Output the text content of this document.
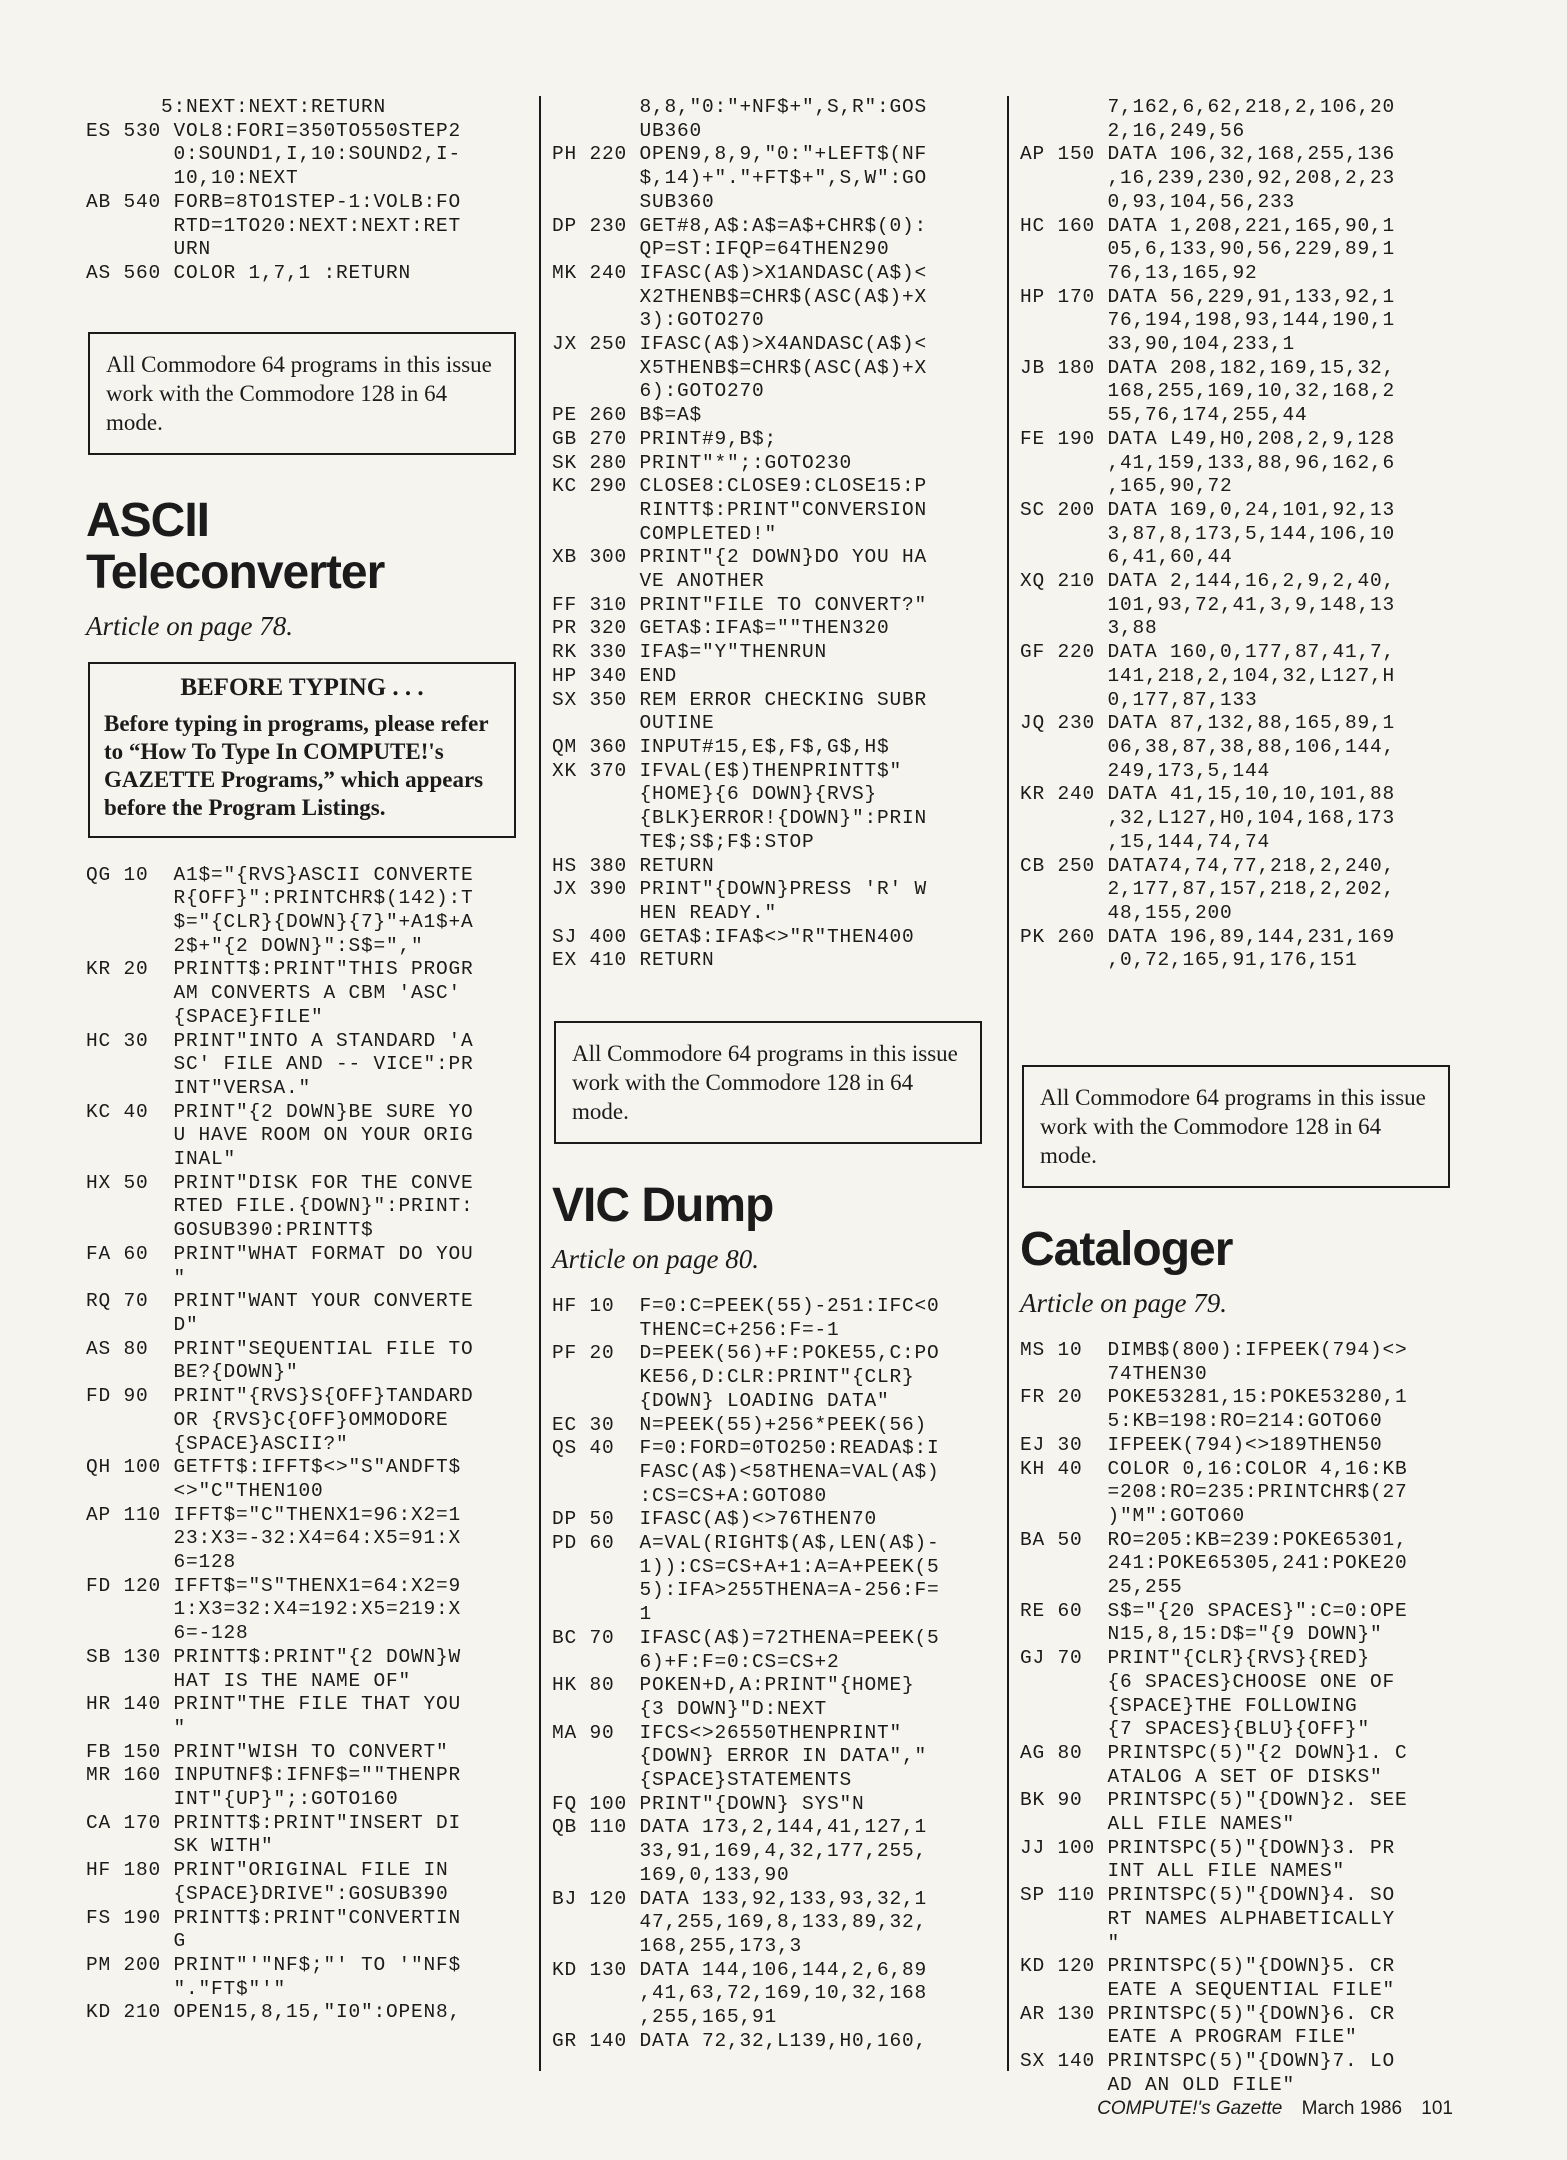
5:NEXT:NEXT:RETURN
ES 530 VOL8:FORI=350TO550STEP2
0:SOUND1,I,10:SOUND2,I-
10,10:NEXT
AB 540 FORB=8TO1STEP-1:VOLB:FO
RTD=1TO20:NEXT:NEXT:RET
URN
AS 560 COLOR 1,7,1 :RETURN
All Commodore 64 programs in this issue work with the Commodore 128 in 64 mode.
ASCII
Teleconverter
Article on page 78.
BEFORE TYPING . . .
Before typing in programs, please refer to “How To Type In COMPUTE!'s GAZETTE Programs,” which appears before the Program Listings.
QG 10  A1$="{RVS}ASCII CONVERTE
R{OFF}":PRINTCHR$(142):T
$="{CLR}{DOWN}{7}"+A1$+A
2$+"{2 DOWN}":S$=","
KR 20  PRINTT$:PRINT"THIS PROGR
AM CONVERTS A CBM 'ASC'
{SPACE}FILE"
HC 30  PRINT"INTO A STANDARD 'A
SC' FILE AND -- VICE":PR
INT"VERSA."
KC 40  PRINT"{2 DOWN}BE SURE YO
U HAVE ROOM ON YOUR ORIG
INAL"
HX 50  PRINT"DISK FOR THE CONVE
RTED FILE.{DOWN}":PRINT:
GOSUB390:PRINTT$
FA 60  PRINT"WHAT FORMAT DO YOU
"
RQ 70  PRINT"WANT YOUR CONVERTE
D"
AS 80  PRINT"SEQUENTIAL FILE TO
BE?{DOWN}"
FD 90  PRINT"{RVS}S{OFF}TANDARD
OR {RVS}C{OFF}OMMODORE
{SPACE}ASCII?"
QH 100 GETFT$:IFFT$<>"S"ANDFT$
<>"C"THEN100
AP 110 IFFT$="C"THENX1=96:X2=1
23:X3=-32:X4=64:X5=91:X
6=128
FD 120 IFFT$="S"THENX1=64:X2=9
1:X3=32:X4=192:X5=219:X
6=-128
SB 130 PRINTT$:PRINT"{2 DOWN}W
HAT IS THE NAME OF"
HR 140 PRINT"THE FILE THAT YOU
"
FB 150 PRINT"WISH TO CONVERT"
MR 160 INPUTNF$:IFNF$=""THENPR
INT"{UP}";:GOTO160
CA 170 PRINTT$:PRINT"INSERT DI
SK WITH"
HF 180 PRINT"ORIGINAL FILE IN
{SPACE}DRIVE":GOSUB390
FS 190 PRINTT$:PRINT"CONVERTIN
G
PM 200 PRINT"'"NF$;"' TO '"NF$
"."FT$"'"
KD 210 OPEN15,8,15,"I0":OPEN8,
8,8,"0:"+NF$+",S,R":GOS
UB360
PH 220 OPEN9,8,9,"0:"+LEFT$(NF
$,14)+"."+FT$+",S,W":GO
SUB360
DP 230 GET#8,A$:A$=A$+CHR$(0):
QP=ST:IFQP=64THEN290
MK 240 IFASC(A$)>X1ANDASC(A$)<
X2THENB$=CHR$(ASC(A$)+X
3):GOTO270
JX 250 IFASC(A$)>X4ANDASC(A$)<
X5THENB$=CHR$(ASC(A$)+X
6):GOTO270
PE 260 B$=A$
GB 270 PRINT#9,B$;
SK 280 PRINT"*";:GOTO230
KC 290 CLOSE8:CLOSE9:CLOSE15:P
RINTT$:PRINT"CONVERSION
COMPLETED!"
XB 300 PRINT"{2 DOWN}DO YOU HA
VE ANOTHER
FF 310 PRINT"FILE TO CONVERT?"
PR 320 GETA$:IFA$=""THEN320
RK 330 IFA$="Y"THENRUN
HP 340 END
SX 350 REM ERROR CHECKING SUBR
OUTINE
QM 360 INPUT#15,E$,F$,G$,H$
XK 370 IFVAL(E$)THENPRINTT$"
{HOME}{6 DOWN}{RVS}
{BLK}ERROR!{DOWN}":PRIN
TE$;S$;F$:STOP
HS 380 RETURN
JX 390 PRINT"{DOWN}PRESS 'R' W
HEN READY."
SJ 400 GETA$:IFA$<>"R"THEN400
EX 410 RETURN
All Commodore 64 programs in this issue work with the Commodore 128 in 64 mode.
VIC Dump
Article on page 80.
HF 10  F=0:C=PEEK(55)-251:IFC<0
THENC=C+256:F=-1
PF 20  D=PEEK(56)+F:POKE55,C:PO
KE56,D:CLR:PRINT"{CLR}
{DOWN} LOADING DATA"
EC 30  N=PEEK(55)+256*PEEK(56)
QS 40  F=0:FORD=0TO250:READA$:I
FASC(A$)<58THENA=VAL(A$)
:CS=CS+A:GOTO80
DP 50  IFASC(A$)<>76THEN70
PD 60  A=VAL(RIGHT$(A$,LEN(A$)-
1)):CS=CS+A+1:A=A+PEEK(5
5):IFA>255THENA=A-256:F=
1
BC 70  IFASC(A$)=72THENA=PEEK(5
6)+F:F=0:CS=CS+2
HK 80  POKEN+D,A:PRINT"{HOME}
{3 DOWN}"D:NEXT
MA 90  IFCS<>26550THENPRINT"
{DOWN} ERROR IN DATA","
{SPACE}STATEMENTS
FQ 100 PRINT"{DOWN} SYS"N
QB 110 DATA 173,2,144,41,127,1
33,91,169,4,32,177,255,
169,0,133,90
BJ 120 DATA 133,92,133,93,32,1
47,255,169,8,133,89,32,
168,255,173,3
KD 130 DATA 144,106,144,2,6,89
,41,63,72,169,10,32,168
,255,165,91
GR 140 DATA 72,32,L139,H0,160,
7,162,6,62,218,2,106,20
2,16,249,56
AP 150 DATA 106,32,168,255,136
,16,239,230,92,208,2,23
0,93,104,56,233
HC 160 DATA 1,208,221,165,90,1
05,6,133,90,56,229,89,1
76,13,165,92
HP 170 DATA 56,229,91,133,92,1
76,194,198,93,144,190,1
33,90,104,233,1
JB 180 DATA 208,182,169,15,32,
168,255,169,10,32,168,2
55,76,174,255,44
FE 190 DATA L49,H0,208,2,9,128
,41,159,133,88,96,162,6
,165,90,72
SC 200 DATA 169,0,24,101,92,13
3,87,8,173,5,144,106,10
6,41,60,44
XQ 210 DATA 2,144,16,2,9,2,40,
101,93,72,41,3,9,148,13
3,88
GF 220 DATA 160,0,177,87,41,7,
141,218,2,104,32,L127,H
0,177,87,133
JQ 230 DATA 87,132,88,165,89,1
06,38,87,38,88,106,144,
249,173,5,144
KR 240 DATA 41,15,10,10,101,88
,32,L127,H0,104,168,173
,15,144,74,74
CB 250 DATA74,74,77,218,2,240,
2,177,87,157,218,2,202,
48,155,200
PK 260 DATA 196,89,144,231,169
,0,72,165,91,176,151
All Commodore 64 programs in this issue work with the Commodore 128 in 64 mode.
Cataloger
Article on page 79.
MS 10  DIMB$(800):IFPEEK(794)<>
74THEN30
FR 20  POKE53281,15:POKE53280,1
5:KB=198:RO=214:GOTO60
EJ 30  IFPEEK(794)<>189THEN50
KH 40  COLOR 0,16:COLOR 4,16:KB
=208:RO=235:PRINTCHR$(27
)"M":GOTO60
BA 50  RO=205:KB=239:POKE65301,
241:POKE65305,241:POKE20
25,255
RE 60  S$="{20 SPACES}":C=0:OPE
N15,8,15:D$="{9 DOWN}"
GJ 70  PRINT"{CLR}{RVS}{RED}
{6 SPACES}CHOOSE ONE OF
{SPACE}THE FOLLOWING
{7 SPACES}{BLU}{OFF}"
AG 80  PRINTSPC(5)"{2 DOWN}1. C
ATALOG A SET OF DISKS"
BK 90  PRINTSPC(5)"{DOWN}2. SEE
ALL FILE NAMES"
JJ 100 PRINTSPC(5)"{DOWN}3. PR
INT ALL FILE NAMES"
SP 110 PRINTSPC(5)"{DOWN}4. SO
RT NAMES ALPHABETICALLY
"
KD 120 PRINTSPC(5)"{DOWN}5. CR
EATE A SEQUENTIAL FILE"
AR 130 PRINTSPC(5)"{DOWN}6. CR
EATE A PROGRAM FILE"
SX 140 PRINTSPC(5)"{DOWN}7. LO
AD AN OLD FILE"
COMPUTE!'s Gazette March 1986 101
